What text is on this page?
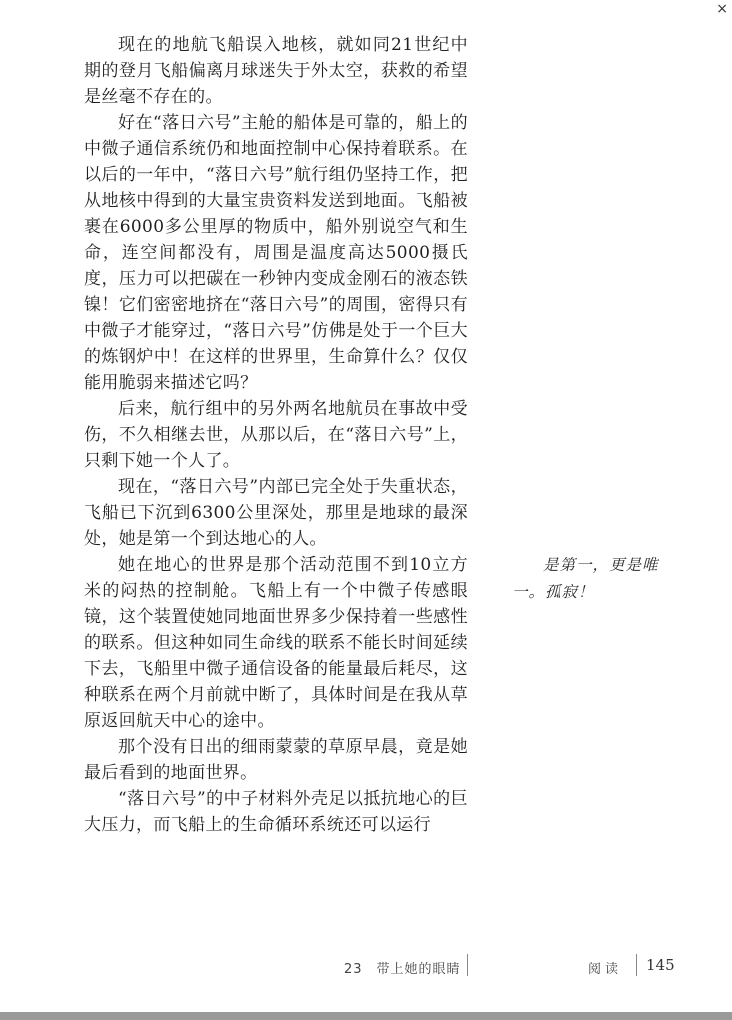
×

现在的地航飞船误入地核，就如同21世纪中期的登月飞船偏离月球迷失于外太空，获救的希望是丝毫不存在的。

好在“落日六号”主舱的船体是可靠的，船上的中微子通信系统仍和地面控制中心保持着联系。在以后的一年中，“落日六号”航行组仍坚持工作，把从地核中得到的大量宝贵资料发送到地面。飞船被裹在6000多公里厚的物质中，船外别说空气和生命，连空间都没有，周围是温度高达5000摄氏度，压力可以把碳在一秒钟内变成金刚石的液态铁镍！它们密密地挤在“落日六号”的周围，密得只有中微子才能穿过，“落日六号”仿佛是处于一个巨大的炼钢炉中！在这样的世界里，生命算什么？仅仅能用脆弱来描述它吗？

后来，航行组中的另外两名地航员在事故中受伤，不久相继去世，从那以后，在“落日六号”上，只剩下她一个人了。

现在，“落日六号”内部已完全处于失重状态，飞船已下沉到6300公里深处，那里是地球的最深处，她是第一个到达地心的人。

她在地心的世界是那个活动范围不到10立方米的闷热的控制舱。飞船上有一个中微子传感眼镜，这个装置使她同地面世界多少保持着一些感性的联系。但这种如同生命线的联系不能长时间延续下去，飞船里中微子通信设备的能量最后耗尽，这种联系在两个月前就中断了，具体时间是在我从草原返回航天中心的途中。

那个没有日出的细雨蒙蒙的草原早晨，竟是她最后看到的地面世界。

“落日六号”的中子材料外壳足以抵抗地心的巨大压力，而飞船上的生命循环系统还可以运行

是第一，更是唯一。孤寂！
23　带上她的眼睛	阅读 145
